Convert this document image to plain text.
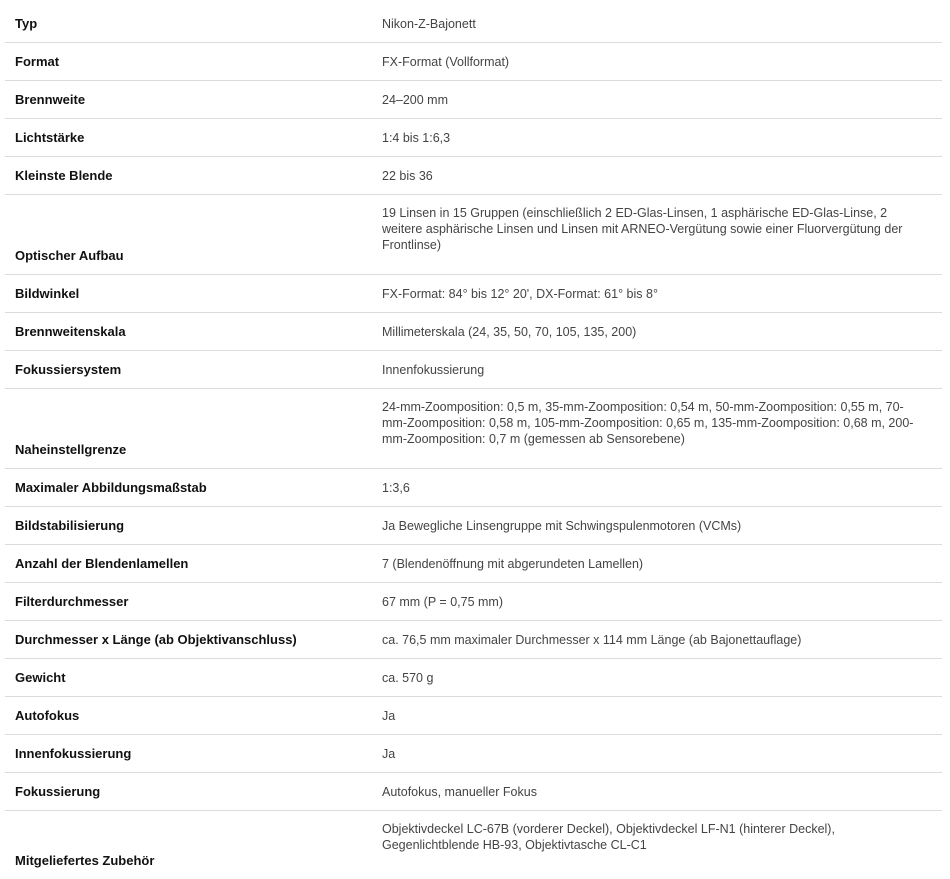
Typ	Nikon-Z-Bajonett
Format	FX-Format (Vollformat)
Brennweite	24–200 mm
Lichtstärke	1:4 bis 1:6,3
Kleinste Blende	22 bis 36
Optischer Aufbau	19 Linsen in 15 Gruppen (einschließlich 2 ED-Glas-Linsen, 1 asphärische ED-Glas-Linse, 2 weitere asphärische Linsen und Linsen mit ARNEO-Vergütung sowie einer Fluorvergütung der Frontlinse)
Bildwinkel	FX-Format: 84° bis 12° 20', DX-Format: 61° bis 8°
Brennweitenskala	Millimeterskala (24, 35, 50, 70, 105, 135, 200)
Fokussiersystem	Innenfokussierung
Naheinstellgrenze	24-mm-Zoomposition: 0,5 m, 35-mm-Zoomposition: 0,54 m, 50-mm-Zoomposition: 0,55 m, 70-mm-Zoomposition: 0,58 m, 105-mm-Zoomposition: 0,65 m, 135-mm-Zoomposition: 0,68 m, 200-mm-Zoomposition: 0,7 m (gemessen ab Sensorebene)
Maximaler Abbildungsmaßstab	1:3,6
Bildstabilisierung	Ja Bewegliche Linsengruppe mit Schwingspulenmotoren (VCMs)
Anzahl der Blendenlamellen	7 (Blendenöffnung mit abgerundeten Lamellen)
Filterdurchmesser	67 mm (P = 0,75 mm)
Durchmesser x Länge (ab Objektivanschluss)	ca. 76,5 mm maximaler Durchmesser x 114 mm Länge (ab Bajonettauflage)
Gewicht	ca. 570 g
Autofokus	Ja
Innenfokussierung	Ja
Fokussierung	Autofokus, manueller Fokus
Mitgeliefertes Zubehör	Objektivdeckel LC-67B (vorderer Deckel), Objektivdeckel LF-N1 (hinterer Deckel), Gegenlichtblende HB-93, Objektivtasche CL-C1
